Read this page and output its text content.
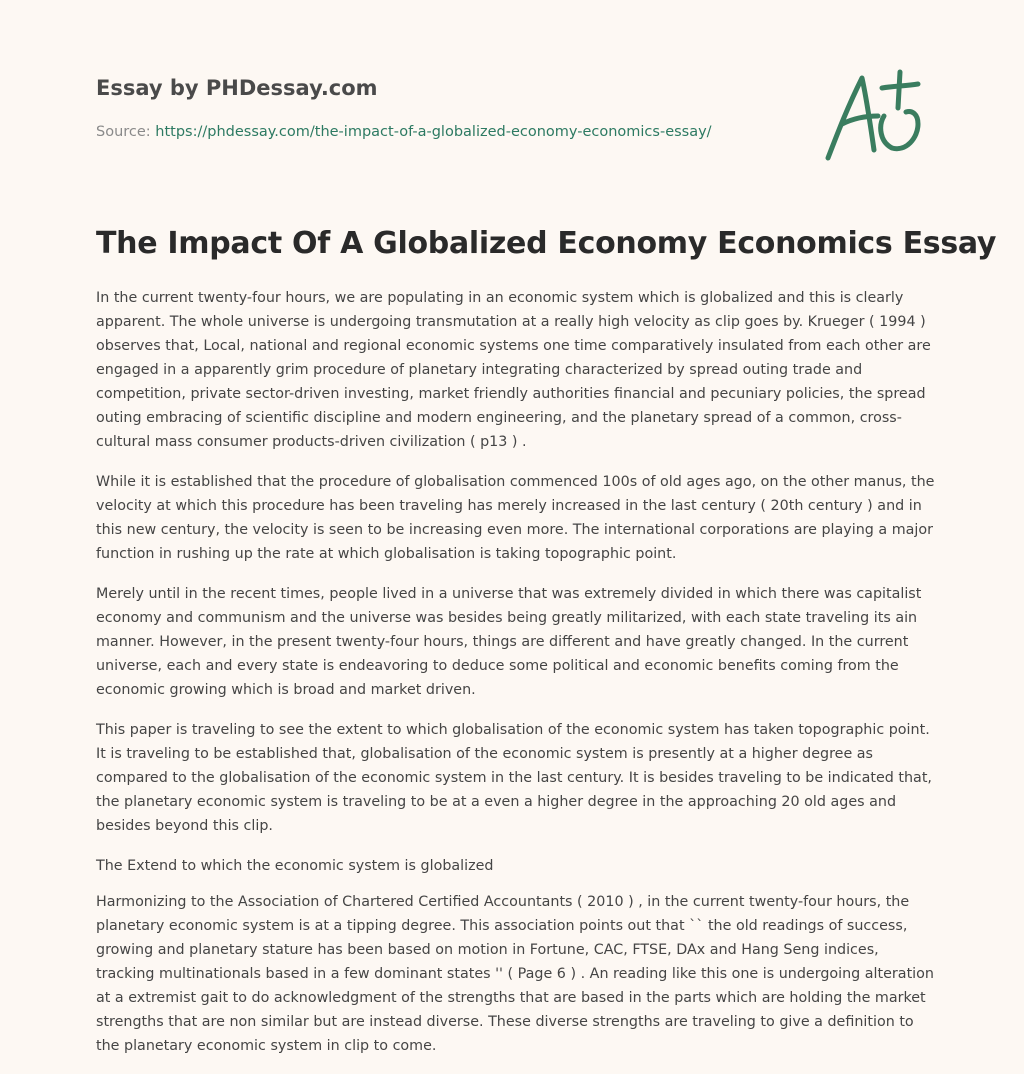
Essay by PHDessay.com
Source: https://phdessay.com/the-impact-of-a-globalized-economy-economics-essay/
The Impact Of A Globalized Economy Economics Essay

In the current twenty-four hours, we are populating in an economic system which is globalized and this is clearly apparent. The whole universe is undergoing transmutation at a really high velocity as clip goes by. Krueger ( 1994 ) observes that, Local, national and regional economic systems one time comparatively insulated from each other are engaged in a apparently grim procedure of planetary integrating characterized by spread outing trade and competition, private sector-driven investing, market friendly authorities financial and pecuniary policies, the spread outing embracing of scientific discipline and modern engineering, and the planetary spread of a common, cross-cultural mass consumer products-driven civilization ( p13 ) .

While it is established that the procedure of globalisation commenced 100s of old ages ago, on the other manus, the velocity at which this procedure has been traveling has merely increased in the last century ( 20th century ) and in this new century, the velocity is seen to be increasing even more. The international corporations are playing a major function in rushing up the rate at which globalisation is taking topographic point.

Merely until in the recent times, people lived in a universe that was extremely divided in which there was capitalist economy and communism and the universe was besides being greatly militarized, with each state traveling its ain manner. However, in the present twenty-four hours, things are different and have greatly changed. In the current universe, each and every state is endeavoring to deduce some political and economic benefits coming from the economic growing which is broad and market driven.

This paper is traveling to see the extent to which globalisation of the economic system has taken topographic point. It is traveling to be established that, globalisation of the economic system is presently at a higher degree as compared to the globalisation of the economic system in the last century. It is besides traveling to be indicated that, the planetary economic system is traveling to be at a even a higher degree in the approaching 20 old ages and besides beyond this clip.

The Extend to which the economic system is globalized

Harmonizing to the Association of Chartered Certified Accountants ( 2010 ) , in the current twenty-four hours, the planetary economic system is at a tipping degree. This association points out that `` the old readings of success, growing and planetary stature has been based on motion in Fortune, CAC, FTSE, DAx and Hang Seng indices, tracking multinationals based in a few dominant states '' ( Page 6 ) . An reading like this one is undergoing alteration at a extremist gait to do acknowledgment of the strengths that are based in the parts which are holding the market strengths that are non similar but are instead diverse. These diverse strengths are traveling to give a definition to the planetary economic system in clip to come.
